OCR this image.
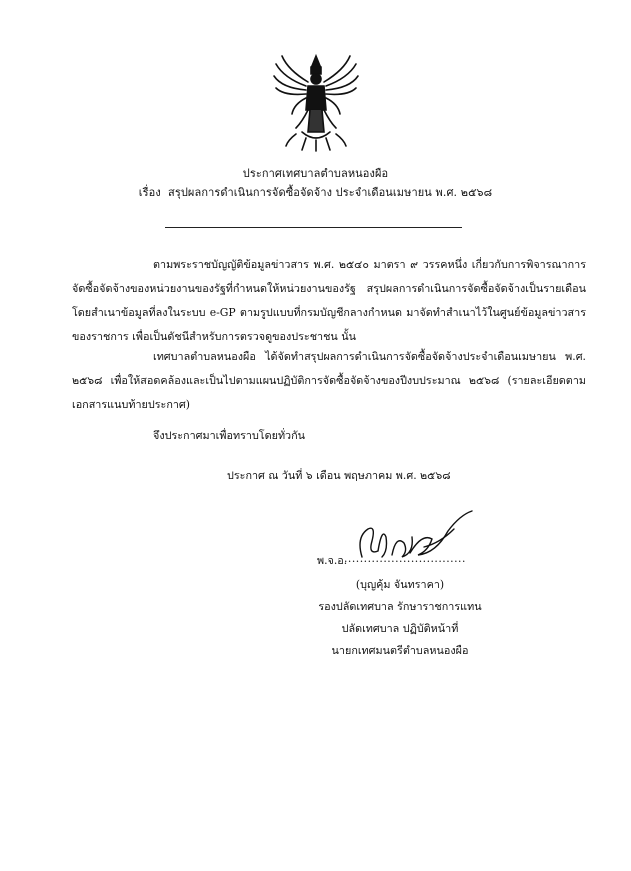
ประกาศเทศบาลตำบลหนองผือ
เรื่อง สรุปผลการดำเนินการจัดซื้อจัดจ้าง ประจำเดือนเมษายน พ.ศ. ๒๕๖๘
ตามพระราชบัญญัติข้อมูลข่าวสาร พ.ศ. ๒๕๔๐ มาตรา ๙ วรรคหนึ่ง เกี่ยวกับการพิจารณาการจัดซื้อจัดจ้างของหน่วยงานของรัฐที่กำหนดให้หน่วยงานของรัฐ สรุปผลการดำเนินการจัดซื้อจัดจ้างเป็นรายเดือนโดยสำเนาข้อมูลที่ลงในระบบ e-GP ตามรูปแบบที่กรมบัญชีกลางกำหนด มาจัดทำสำเนาไว้ในศูนย์ข้อมูลข่าวสารของราชการ เพื่อเป็นดัชนีสำหรับการตรวจดูของประชาชน นั้น
เทศบาลตำบลหนองผือ ได้จัดทำสรุปผลการดำเนินการจัดซื้อจัดจ้างประจำเดือนเมษายน พ.ศ. ๒๕๖๘ เพื่อให้สอดคล้องและเป็นไปตามแผนปฏิบัติการจัดซื้อจัดจ้างของปีงบประมาณ ๒๕๖๘ (รายละเอียดตามเอกสารแนบท้ายประกาศ)
จึงประกาศมาเพื่อทราบโดยทั่วกัน
ประกาศ ณ วันที่ ๖ เดือน พฤษภาคม พ.ศ. ๒๕๖๘
พ.จ.อ.
...............................
(บุญคุ้ม จันทราคา)
รองปลัดเทศบาล รักษาราชการแทน
ปลัดเทศบาล ปฏิบัติหน้าที่
นายกเทศมนตรีตำบลหนองผือ
